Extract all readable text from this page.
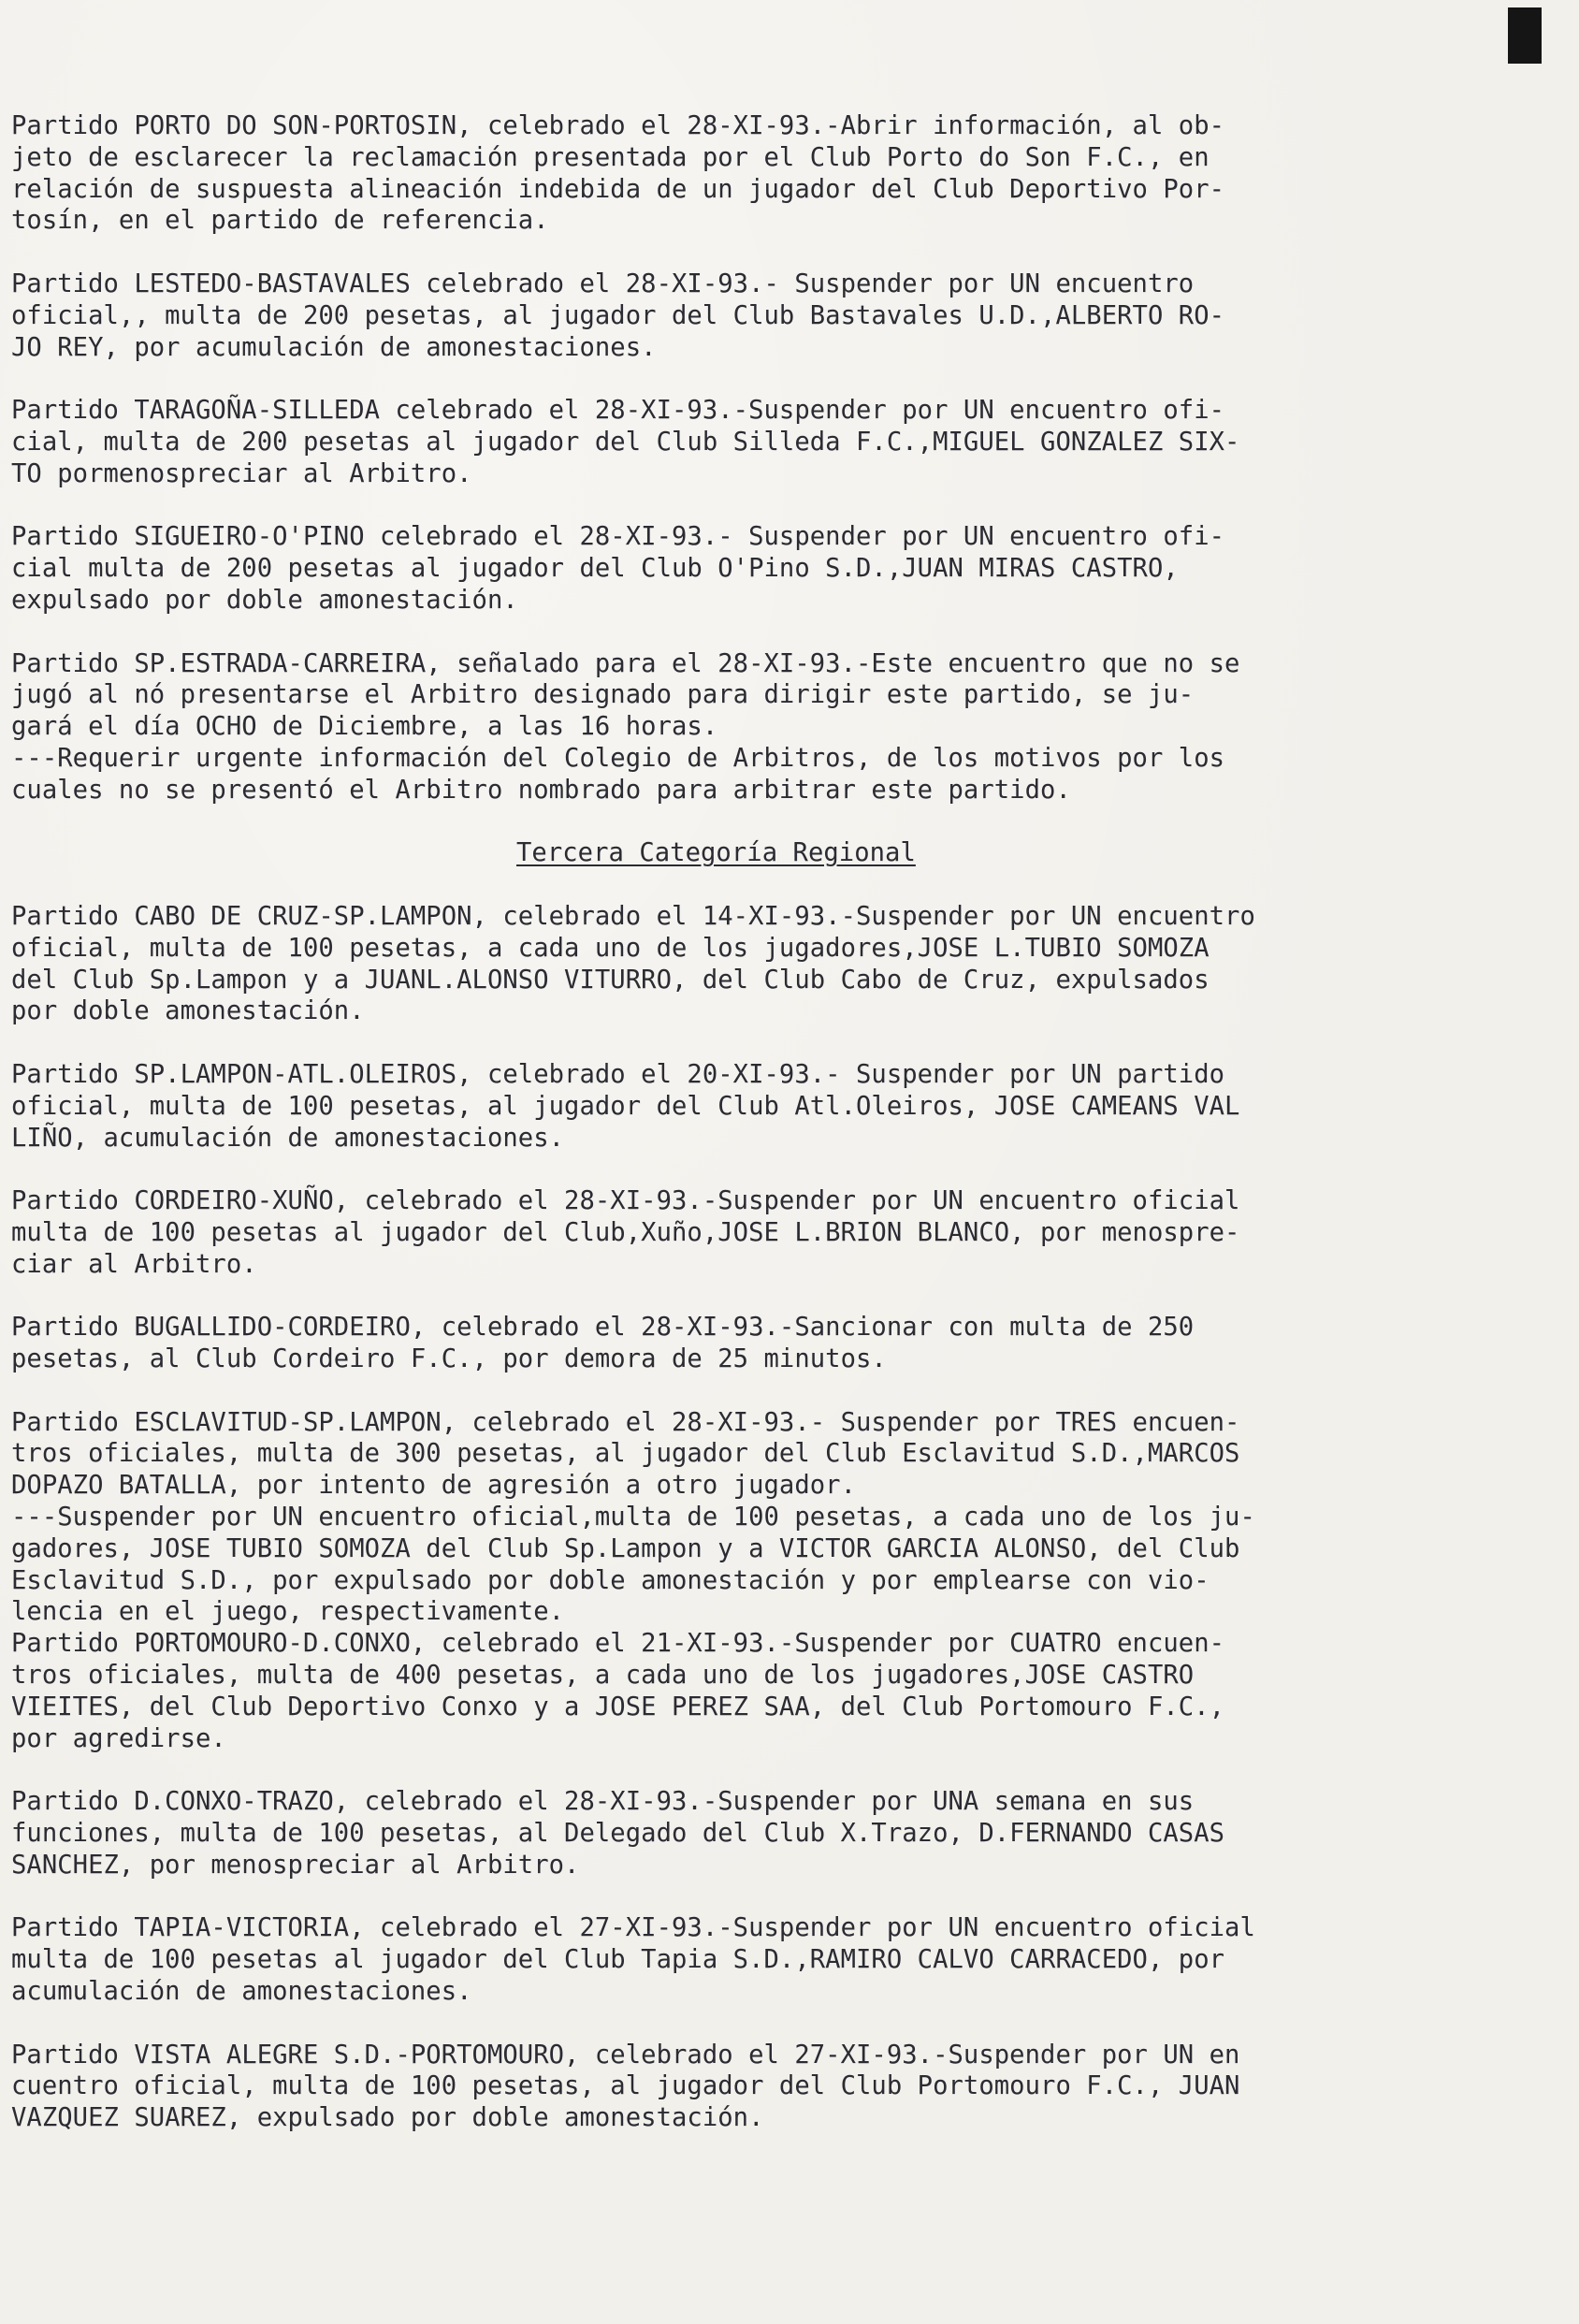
Partido PORTO DO SON-PORTOSIN, celebrado el 28-XI-93.-Abrir información, al ob-
jeto de esclarecer la reclamación presentada por el Club Porto do Son F.C., en
relación de suspuesta alineación indebida de un jugador del Club Deportivo Por-
tosín, en el partido de referencia.
Partido LESTEDO-BASTAVALES celebrado el 28-XI-93.- Suspender por UN encuentro
oficial,, multa de 200 pesetas, al jugador del Club Bastavales U.D.,ALBERTO RO-
JO REY, por acumulación de amonestaciones.
Partido TARAGOÑA-SILLEDA celebrado el 28-XI-93.-Suspender por UN encuentro ofi-
cial, multa de 200 pesetas al jugador del Club Silleda F.C.,MIGUEL GONZALEZ SIX-
TO pormenospreciar al Arbitro.
Partido SIGUEIRO-O'PINO celebrado el 28-XI-93.- Suspender por UN encuentro ofi-
cial multa de 200 pesetas al jugador del Club O'Pino S.D.,JUAN MIRAS CASTRO,
expulsado por doble amonestación.
Partido SP.ESTRADA-CARREIRA, señalado para el 28-XI-93.-Este encuentro que no se
jugó al nó presentarse el Arbitro designado para dirigir este partido, se ju-
gará el día OCHO de Diciembre, a las 16 horas.
---Requerir urgente información del Colegio de Arbitros, de los motivos por los
cuales no se presentó el Arbitro nombrado para arbitrar este partido.
Tercera Categoría Regional
Partido CABO DE CRUZ-SP.LAMPON, celebrado el 14-XI-93.-Suspender por UN encuentro
oficial, multa de 100 pesetas, a cada uno de los jugadores,JOSE L.TUBIO SOMOZA
del Club Sp.Lampon y a JUANL.ALONSO VITURRO, del Club Cabo de Cruz, expulsados
por doble amonestación.
Partido SP.LAMPON-ATL.OLEIROS, celebrado el 20-XI-93.- Suspender por UN partido
oficial, multa de 100 pesetas, al jugador del Club Atl.Oleiros, JOSE CAMEANS VAL
LIÑO, acumulación de amonestaciones.
Partido CORDEIRO-XUÑO, celebrado el 28-XI-93.-Suspender por UN encuentro oficial
multa de 100 pesetas al jugador del Club,Xuño,JOSE L.BRION BLANCO, por menospre-
ciar al Arbitro.
Partido BUGALLIDO-CORDEIRO, celebrado el 28-XI-93.-Sancionar con multa de 250
pesetas, al Club Cordeiro F.C., por demora de 25 minutos.
Partido ESCLAVITUD-SP.LAMPON, celebrado el 28-XI-93.- Suspender por TRES encuen-
tros oficiales, multa de 300 pesetas, al jugador del Club Esclavitud S.D.,MARCOS
DOPAZO BATALLA, por intento de agresión a otro jugador.
---Suspender por UN encuentro oficial,multa de 100 pesetas, a cada uno de los ju-
gadores, JOSE TUBIO SOMOZA del Club Sp.Lampon y a VICTOR GARCIA ALONSO, del Club
Esclavitud S.D., por expulsado por doble amonestación y por emplearse con vio-
lencia en el juego, respectivamente.
Partido PORTOMOURO-D.CONXO, celebrado el 21-XI-93.-Suspender por CUATRO encuen-
tros oficiales, multa de 400 pesetas, a cada uno de los jugadores,JOSE CASTRO
VIEITES, del Club Deportivo Conxo y a JOSE PEREZ SAA, del Club Portomouro F.C.,
por agredirse.
Partido D.CONXO-TRAZO, celebrado el 28-XI-93.-Suspender por UNA semana en sus
funciones, multa de 100 pesetas, al Delegado del Club X.Trazo, D.FERNANDO CASAS
SANCHEZ, por menospreciar al Arbitro.
Partido TAPIA-VICTORIA, celebrado el 27-XI-93.-Suspender por UN encuentro oficial
multa de 100 pesetas al jugador del Club Tapia S.D.,RAMIRO CALVO CARRACEDO, por
acumulación de amonestaciones.
Partido VISTA ALEGRE S.D.-PORTOMOURO, celebrado el 27-XI-93.-Suspender por UN en
cuentro oficial, multa de 100 pesetas, al jugador del Club Portomouro F.C., JUAN
VAZQUEZ SUAREZ, expulsado por doble amonestación.
